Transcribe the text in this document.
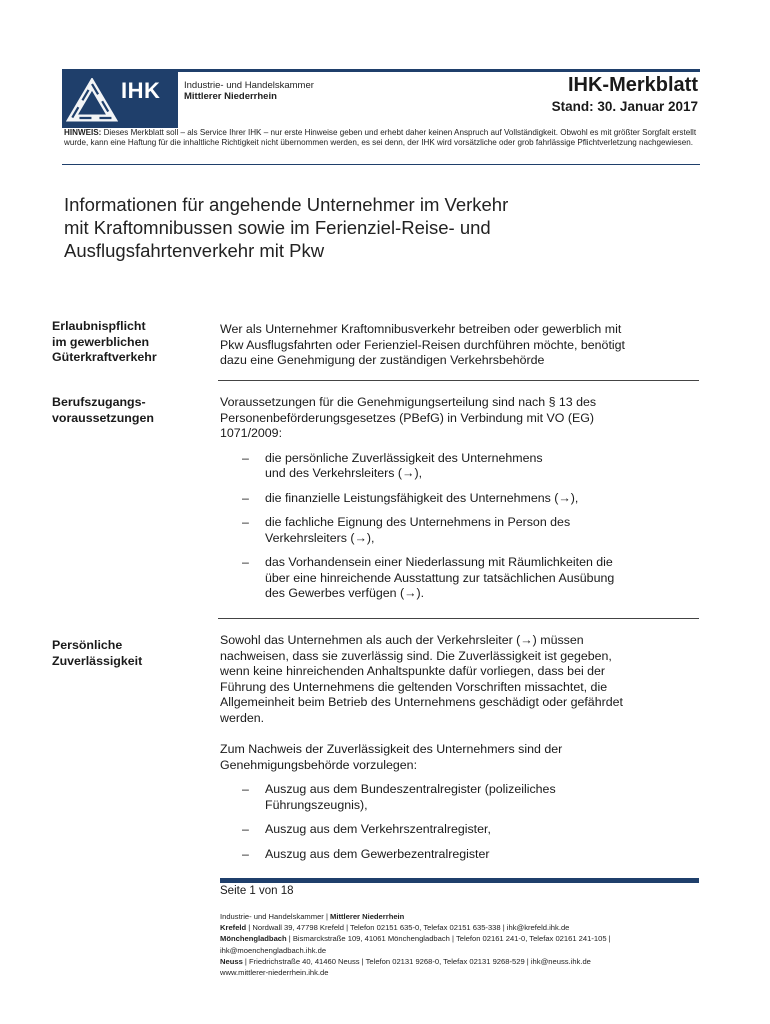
IHK Industrie- und Handelskammer
Mittlerer Niederrhein
IHK-Merkblatt
Stand: 30. Januar 2017
HINWEIS: Dieses Merkblatt soll – als Service Ihrer IHK – nur erste Hinweise geben und erhebt daher keinen Anspruch auf Vollständigkeit. Obwohl es mit größter Sorgfalt erstellt wurde, kann eine Haftung für die inhaltliche Richtigkeit nicht übernommen werden, es sei denn, der IHK wird vorsätzliche oder grob fahrlässige Pflichtverletzung nachgewiesen.
Informationen für angehende Unternehmer im Verkehr
mit Kraftomnibussen sowie im Ferienziel-Reise- und
Ausflugsfahrtenverkehr mit Pkw
Erlaubnispflicht
im gewerblichen
Güterkraftverkehr
Wer als Unternehmer Kraftomnibusverkehr betreiben oder gewerblich mit
Pkw Ausflugsfahrten oder Ferienziel-Reisen durchführen möchte, benötigt
dazu eine Genehmigung der zuständigen Verkehrsbehörde
Berufszugangs-
voraussetzungen
Voraussetzungen für die Genehmigungserteilung sind nach § 13 des
Personenbeförderungsgesetzes (PBefG) in Verbindung mit VO (EG)
1071/2009:
– die persönliche Zuverlässigkeit des Unternehmens
und des Verkehrsleiters (→),
– die finanzielle Leistungsfähigkeit des Unternehmens (→),
– die fachliche Eignung des Unternehmens in Person des
Verkehrsleiters (→),
– das Vorhandensein einer Niederlassung mit Räumlichkeiten die
über eine hinreichende Ausstattung zur tatsächlichen Ausübung
des Gewerbes verfügen (→).
Persönliche
Zuverlässigkeit
Sowohl das Unternehmen als auch der Verkehrsleiter (→) müssen
nachweisen, dass sie zuverlässig sind. Die Zuverlässigkeit ist gegeben,
wenn keine hinreichenden Anhaltspunkte dafür vorliegen, dass bei der
Führung des Unternehmens die geltenden Vorschriften missachtet, die
Allgemeinheit beim Betrieb des Unternehmens geschädigt oder gefährdet
werden.
Zum Nachweis der Zuverlässigkeit des Unternehmers sind der
Genehmigungsbehörde vorzulegen:
– Auszug aus dem Bundeszentralregister (polizeiliches
Führungszeugnis),
– Auszug aus dem Verkehrszentralregister,
– Auszug aus dem Gewerbezentralregister
Seite 1 von 18
Industrie- und Handelskammer | Mittlerer Niederrhein
Krefeld | Nordwall 39, 47798 Krefeld | Telefon 02151 635-0, Telefax 02151 635-338 | ihk@krefeld.ihk.de
Mönchengladbach | Bismarckstraße 109, 41061 Mönchengladbach | Telefon 02161 241-0, Telefax 02161 241-105 |
ihk@moenchengladbach.ihk.de
Neuss | Friedrichstraße 40, 41460 Neuss | Telefon 02131 9268-0, Telefax 02131 9268-529 | ihk@neuss.ihk.de
www.mittlerer-niederrhein.ihk.de
